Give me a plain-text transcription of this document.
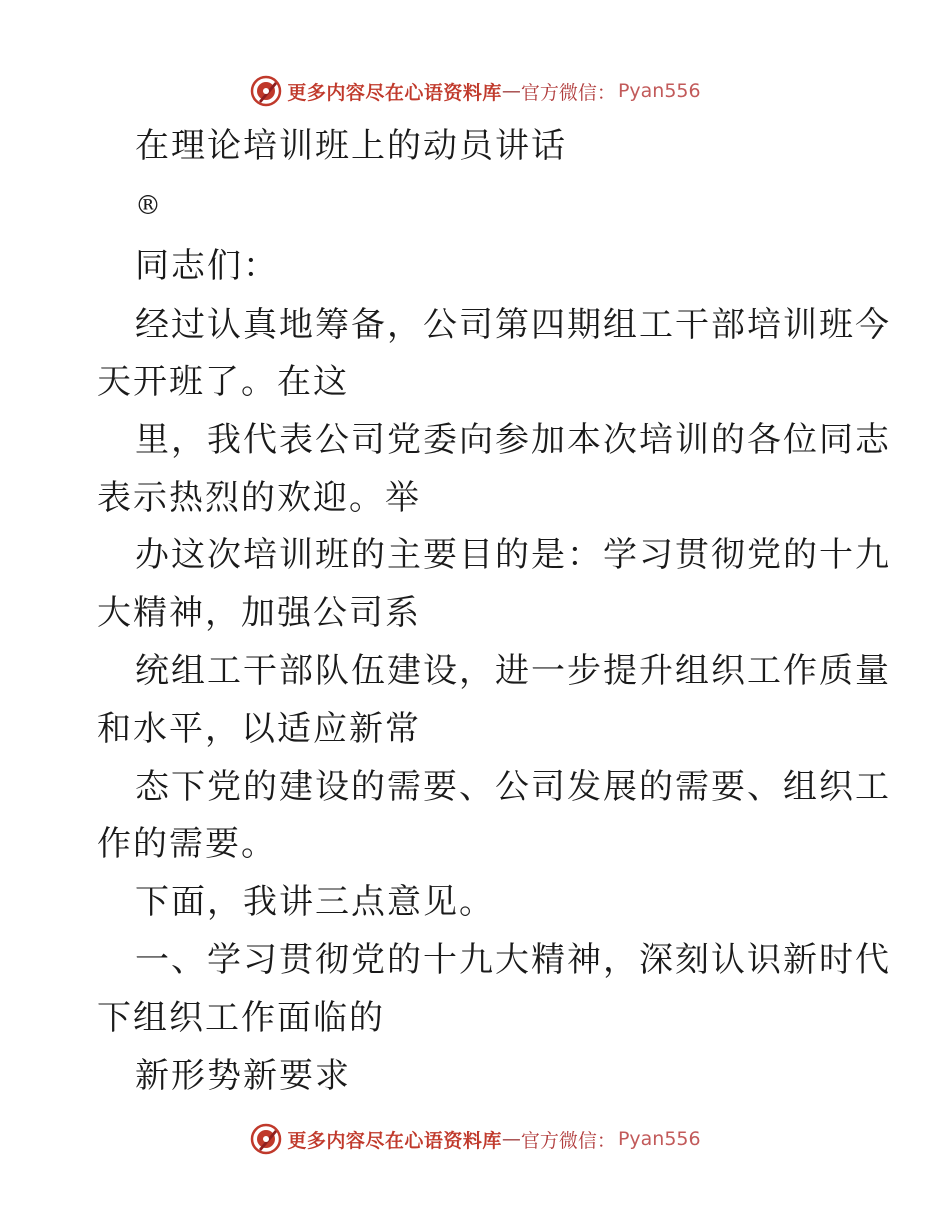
更多内容尽在心语资料库 — 官方微信： Pyan556
在理论培训班上的动员讲话
®
同志们：
经过认真地筹备，公司第四期组工干部培训班今
天开班了。在这
里，我代表公司党委向参加本次培训的各位同志
表示热烈的欢迎。举
办这次培训班的主要目的是：学习贯彻党的十九
大精神，加强公司系
统组工干部队伍建设，进一步提升组织工作质量
和水平，以适应新常
态下党的建设的需要、公司发展的需要、组织工
作的需要。
下面，我讲三点意见。
一、学习贯彻党的十九大精神，深刻认识新时代
下组织工作面临的
新形势新要求
更多内容尽在心语资料库 — 官方微信： Pyan556
